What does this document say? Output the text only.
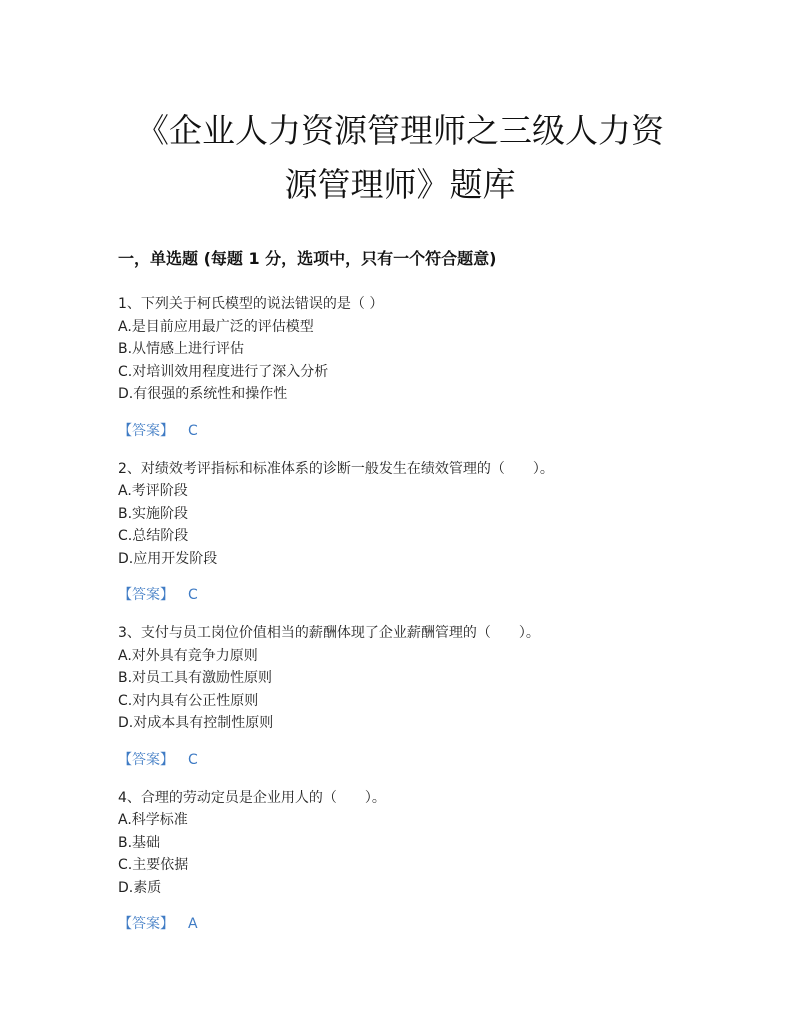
《企业人力资源管理师之三级人力资
源管理师》题库
一，单选题 (每题 1 分，选项中，只有一个符合题意)
1、下列关于柯氏模型的说法错误的是（ ）
A.是目前应用最广泛的评估模型
B.从情感上进行评估
C.对培训效用程度进行了深入分析
D.有很强的系统性和操作性
【答案】 C
2、对绩效考评指标和标准体系的诊断一般发生在绩效管理的（　　）。
A.考评阶段
B.实施阶段
C.总结阶段
D.应用开发阶段
【答案】 C
3、支付与员工岗位价值相当的薪酬体现了企业薪酬管理的（　　）。
A.对外具有竞争力原则
B.对员工具有激励性原则
C.对内具有公正性原则
D.对成本具有控制性原则
【答案】 C
4、合理的劳动定员是企业用人的（　　）。
A.科学标准
B.基础
C.主要依据
D.素质
【答案】 A
